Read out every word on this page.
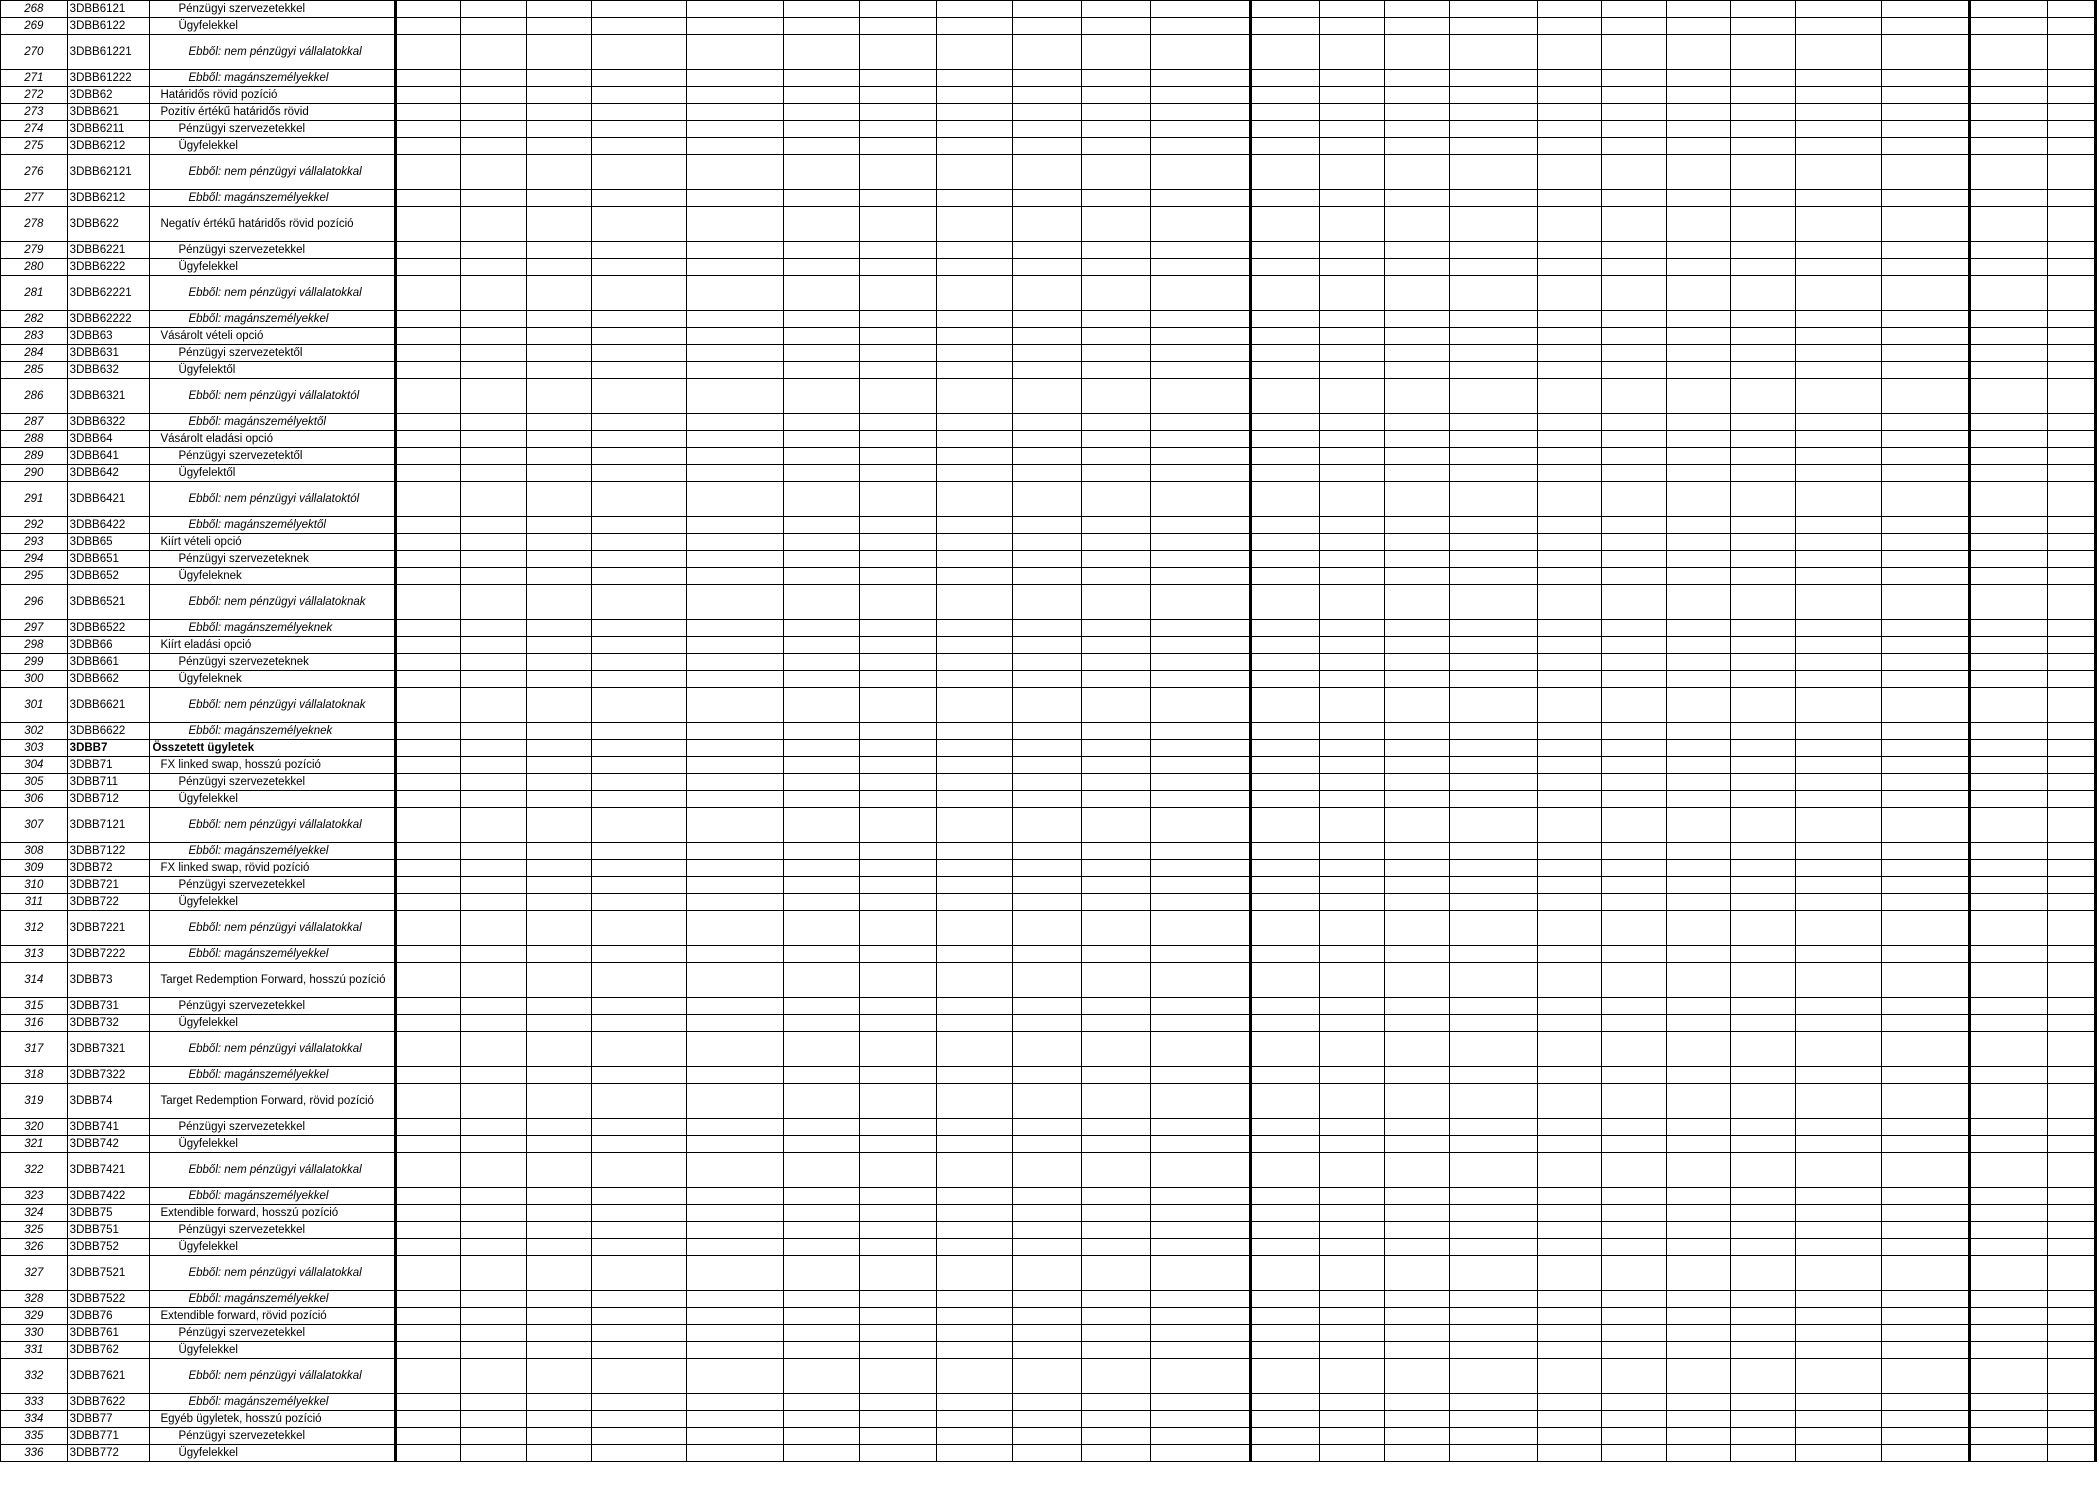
268	3DBB6121	Pénzügyi szervezetekkel																							
269	3DBB6122	Ügyfelekkel																							
270	3DBB61221	Ebből: nem pénzügyi vállalatokkal																							
271	3DBB61222	Ebből: magánszemélyekkel																							
272	3DBB62	Határidős rövid pozíció																							
273	3DBB621	Pozitív értékű határidős rövid																							
274	3DBB6211	Pénzügyi szervezetekkel																							
275	3DBB6212	Ügyfelekkel																							
276	3DBB62121	Ebből: nem pénzügyi vállalatokkal																							
277	3DBB6212	Ebből: magánszemélyekkel																							
278	3DBB622	Negatív értékű határidős rövid pozíció																							
279	3DBB6221	Pénzügyi szervezetekkel																							
280	3DBB6222	Ügyfelekkel																							
281	3DBB62221	Ebből: nem pénzügyi vállalatokkal																							
282	3DBB62222	Ebből: magánszemélyekkel																							
283	3DBB63	Vásárolt vételi opció																							
284	3DBB631	Pénzügyi szervezetektől																							
285	3DBB632	Ügyfelektől																							
286	3DBB6321	Ebből: nem pénzügyi vállalatoktól																							
287	3DBB6322	Ebből: magánszemélyektől																							
288	3DBB64	Vásárolt eladási opció																							
289	3DBB641	Pénzügyi szervezetektől																							
290	3DBB642	Ügyfelektől																							
291	3DBB6421	Ebből: nem pénzügyi vállalatoktól																							
292	3DBB6422	Ebből: magánszemélyektől																							
293	3DBB65	Kiírt vételi opció																							
294	3DBB651	Pénzügyi szervezeteknek																							
295	3DBB652	Ügyfeleknek																							
296	3DBB6521	Ebből: nem pénzügyi vállalatoknak																							
297	3DBB6522	Ebből: magánszemélyeknek																							
298	3DBB66	Kiírt eladási opció																							
299	3DBB661	Pénzügyi szervezeteknek																							
300	3DBB662	Ügyfeleknek																							
301	3DBB6621	Ebből: nem pénzügyi vállalatoknak																							
302	3DBB6622	Ebből: magánszemélyeknek																							
303	3DBB7	Összetett ügyletek																							
304	3DBB71	FX linked swap, hosszú pozíció																							
305	3DBB711	Pénzügyi szervezetekkel																							
306	3DBB712	Ügyfelekkel																							
307	3DBB7121	Ebből: nem pénzügyi vállalatokkal																							
308	3DBB7122	Ebből: magánszemélyekkel																							
309	3DBB72	FX linked swap, rövid pozíció																							
310	3DBB721	Pénzügyi szervezetekkel																							
311	3DBB722	Ügyfelekkel																							
312	3DBB7221	Ebből: nem pénzügyi vállalatokkal																							
313	3DBB7222	Ebből: magánszemélyekkel																							
314	3DBB73	Target Redemption Forward, hosszú pozíció																							
315	3DBB731	Pénzügyi szervezetekkel																							
316	3DBB732	Ügyfelekkel																							
317	3DBB7321	Ebből: nem pénzügyi vállalatokkal																							
318	3DBB7322	Ebből: magánszemélyekkel																							
319	3DBB74	Target Redemption Forward, rövid pozíció																							
320	3DBB741	Pénzügyi szervezetekkel																							
321	3DBB742	Ügyfelekkel																							
322	3DBB7421	Ebből: nem pénzügyi vállalatokkal																							
323	3DBB7422	Ebből: magánszemélyekkel																							
324	3DBB75	Extendible forward, hosszú pozíció																							
325	3DBB751	Pénzügyi szervezetekkel																							
326	3DBB752	Ügyfelekkel																							
327	3DBB7521	Ebből: nem pénzügyi vállalatokkal																							
328	3DBB7522	Ebből: magánszemélyekkel																							
329	3DBB76	Extendible forward, rövid pozíció																							
330	3DBB761	Pénzügyi szervezetekkel																							
331	3DBB762	Ügyfelekkel																							
332	3DBB7621	Ebből: nem pénzügyi vállalatokkal																							
333	3DBB7622	Ebből: magánszemélyekkel																							
334	3DBB77	Egyéb ügyletek, hosszú pozíció																							
335	3DBB771	Pénzügyi szervezetekkel																							
336	3DBB772	Ügyfelekkel																							
